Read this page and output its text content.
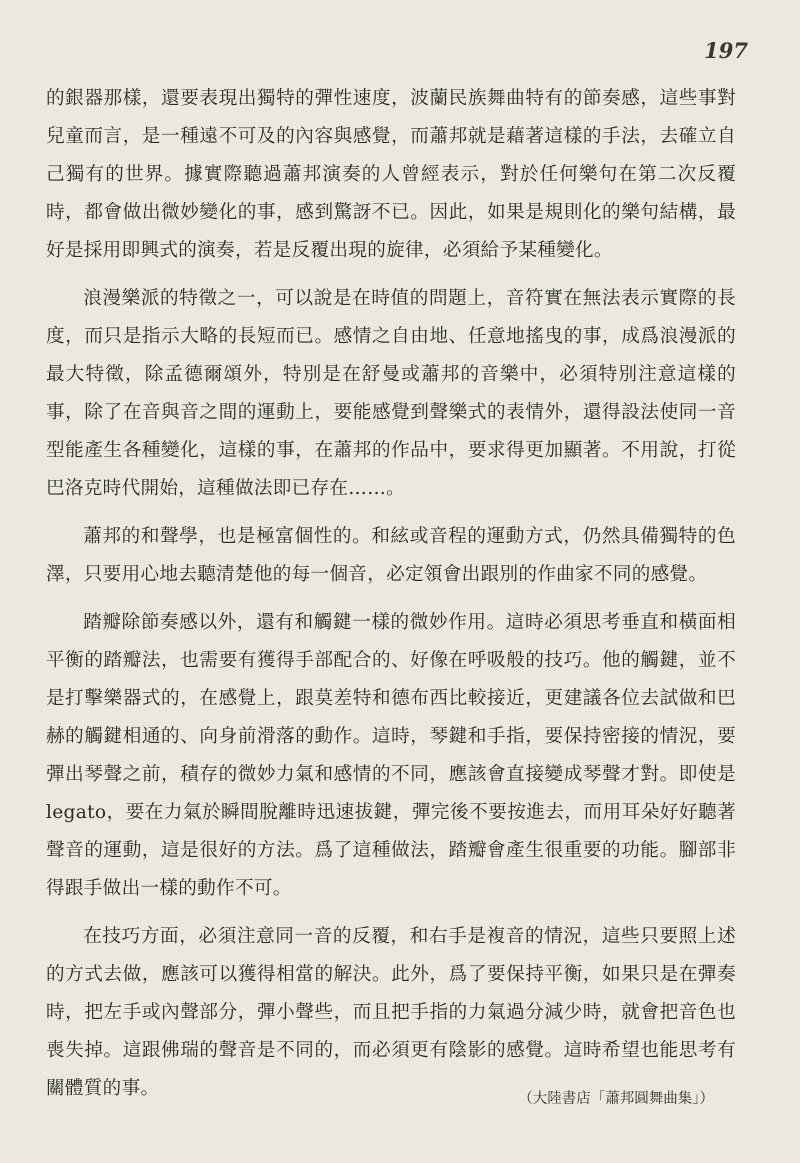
197

的銀器那樣，還要表現出獨特的彈性速度，波蘭民族舞曲特有的節奏感，這些事對兒童而言，是一種遠不可及的內容與感覺，而蕭邦就是藉著這樣的手法，去確立自己獨有的世界。據實際聽過蕭邦演奏的人曾經表示，對於任何樂句在第二次反覆時，都會做出微妙變化的事，感到驚訝不已。因此，如果是規則化的樂句結構，最好是採用即興式的演奏，若是反覆出現的旋律，必須給予某種變化。

浪漫樂派的特徵之一，可以說是在時值的問題上，音符實在無法表示實際的長度，而只是指示大略的長短而已。感情之自由地、任意地搖曳的事，成爲浪漫派的最大特徵，除孟德爾頌外，特別是在舒曼或蕭邦的音樂中，必須特別注意這樣的事，除了在音與音之間的運動上，要能感覺到聲樂式的表情外，還得設法使同一音型能產生各種變化，這樣的事，在蕭邦的作品中，要求得更加顯著。不用說，打從巴洛克時代開始，這種做法即已存在……。

蕭邦的和聲學，也是極富個性的。和絃或音程的運動方式，仍然具備獨特的色澤，只要用心地去聽清楚他的每一個音，必定領會出跟別的作曲家不同的感覺。

踏瓣除節奏感以外，還有和觸鍵一樣的微妙作用。這時必須思考垂直和橫面相平衡的踏瓣法，也需要有獲得手部配合的、好像在呼吸般的技巧。他的觸鍵，並不是打擊樂器式的，在感覺上，跟莫差特和德布西比較接近，更建議各位去試做和巴赫的觸鍵相通的、向身前滑落的動作。這時，琴鍵和手指，要保持密接的情況，要彈出琴聲之前，積存的微妙力氣和感情的不同，應該會直接變成琴聲才對。即使是legato，要在力氣於瞬間脫離時迅速拔鍵，彈完後不要按進去，而用耳朵好好聽著聲音的運動，這是很好的方法。爲了這種做法，踏瓣會產生很重要的功能。腳部非得跟手做出一樣的動作不可。

在技巧方面，必須注意同一音的反覆，和右手是複音的情況，這些只要照上述的方式去做，應該可以獲得相當的解決。此外，爲了要保持平衡，如果只是在彈奏時，把左手或內聲部分，彈小聲些，而且把手指的力氣過分減少時，就會把音色也喪失掉。這跟佛瑞的聲音是不同的，而必須更有陰影的感覺。這時希望也能思考有關體質的事。	（大陸書店「蕭邦圓舞曲集」）
